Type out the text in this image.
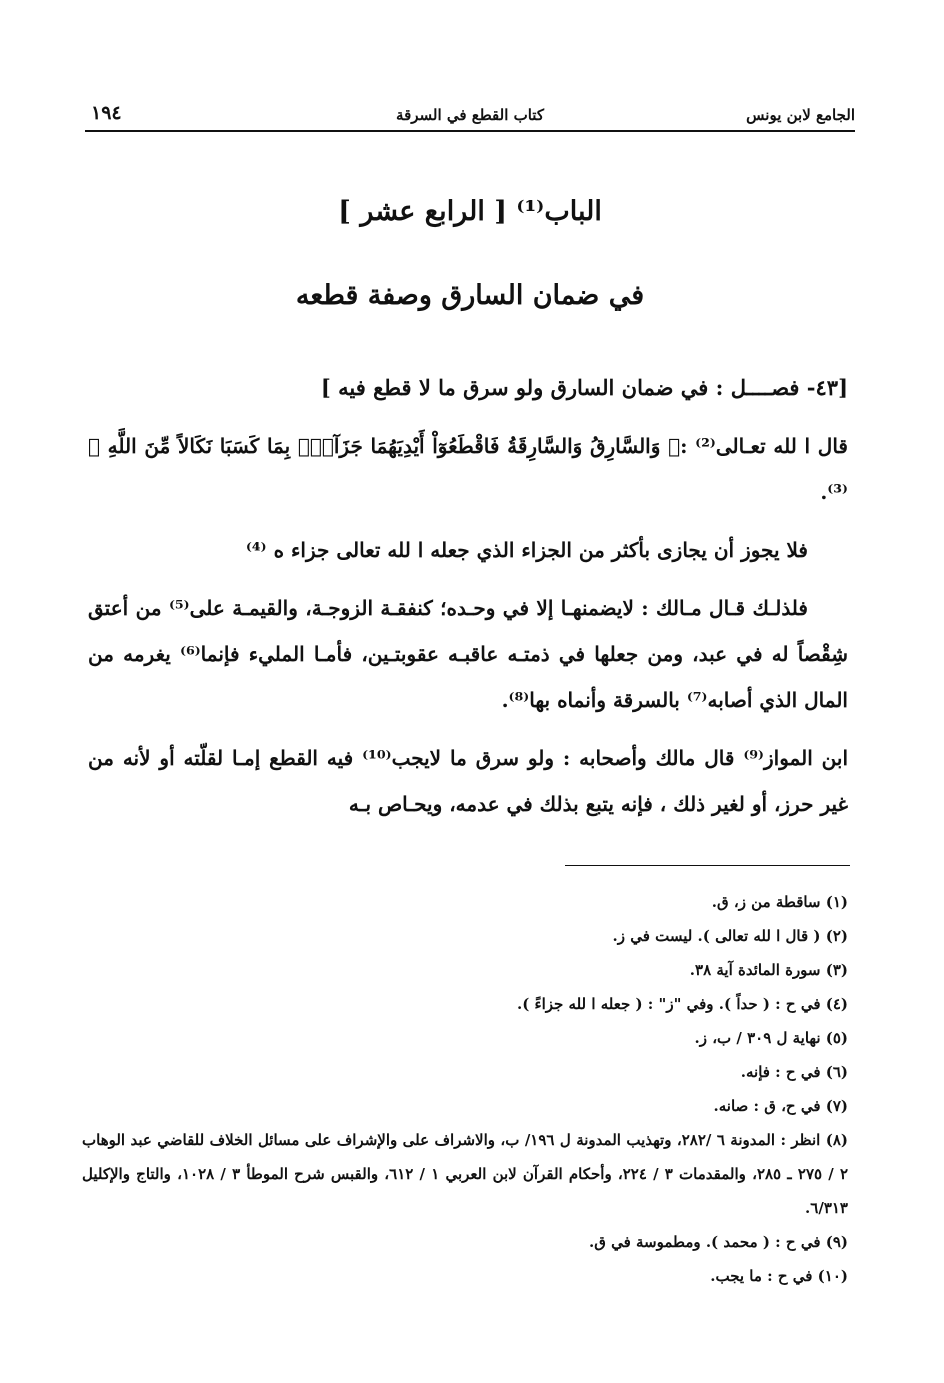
الجامع لابن يونس
كتاب القطع في السرقة
١٩٤
الباب⁽¹⁾ [ الرابع عشر ]
في ضمان السارق وصفة قطعه

[٤٣- فصــــل : في ضمان السارق ولو سرق ما لا قطع فيه ]

قال ا لله تعـالى⁽²⁾ :﴿ وَالسَّارِقُ وَالسَّارِقَةُ فَاقْطَعُوٓاْ أَيْدِيَهُمَا جَزَآءًۢ بِمَا كَسَبَا نَكَالاً مِّنَ اللَّهِ ﴾⁽³⁾.

فلا يجوز أن يجازى بأكثر من الجزاء الذي جعله ا لله تعالى جزاء ه ⁽⁴⁾

فلذلـك قـال مـالك : لايضمنهـا إلا في وحـده؛ كنفقـة الزوجـة، والقيمـة على⁽⁵⁾ من أعتق شِقْصاً له في عبد، ومن جعلها في ذمتـه عاقبـه عقوبتـين، فأمـا المليء فإنما⁽⁶⁾ يغرمه من المال الذي أصابه⁽⁷⁾ بالسرقة وأنماه بها⁽⁸⁾.

ابن المواز⁽⁹⁾ قال مالك وأصحابه : ولو سرق ما لايجب⁽¹⁰⁾ فيه القطع إمـا لقلّته أو لأنه من غير حرز، أو لغير ذلك ، فإنه يتبع بذلك في عدمه، ويحـاص بـه

(١) ساقطة من ز، ق.
(٢) ( قال ا لله تعالى ). ليست في ز.
(٣) سورة المائدة آية ٣٨.
(٤) في ح : ( حداً ). وفي "ز" : ( جعله ا لله جزاءً ).
(٥) نهاية ل ٣٠٩ / ب، ز.
(٦) في ح : فإنه.
(٧) في ح، ق : صانه.
(٨) انظر : المدونة ٦ /٢٨٢، وتهذيب المدونة ل ١٩٦/ ب، والاشراف على والإشراف على مسائل الخلاف للقاضي عبد الوهاب ٢ / ٢٧٥ ـ ٢٨٥، والمقدمات ٣ / ٢٢٤، وأحكام القرآن لابن العربي ١ / ٦١٢، والقبس شرح الموطأ ٣ / ١٠٢٨، والتاج والإكليل ٦/٣١٣.
(٩) في ح : ( محمد ). ومطموسة في ق.
(١٠) في ح : ما يجب.
